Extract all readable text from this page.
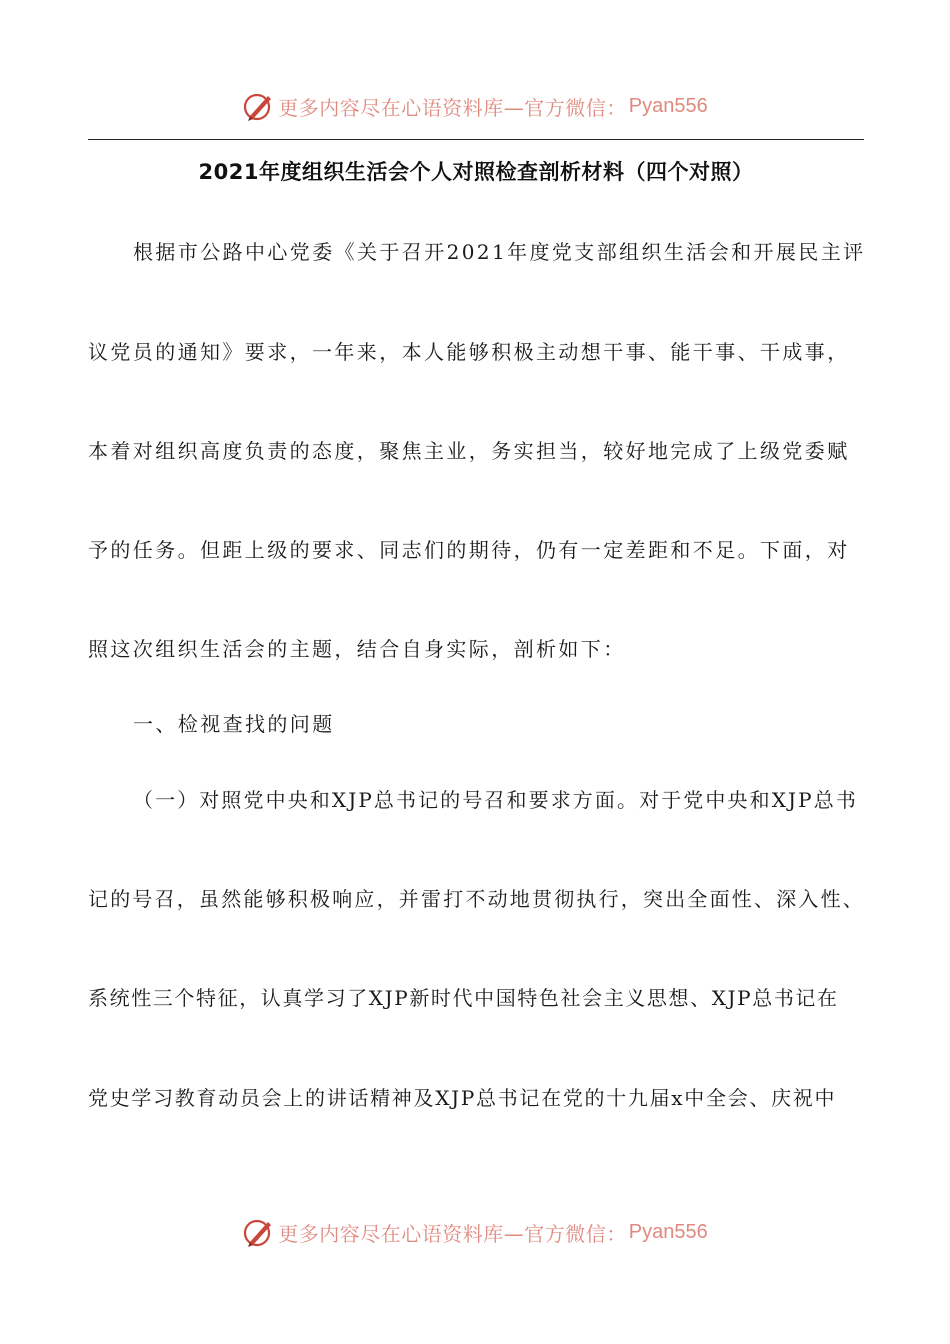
更多内容尽在心语资料库—官方微信： Pyan556
2021年度组织生活会个人对照检查剖析材料（四个对照）
根据市公路中心党委《关于召开2021年度党支部组织生活会和开展民主评
议党员的通知》要求，一年来，本人能够积极主动想干事、能干事、干成事，
本着对组织高度负责的态度，聚焦主业，务实担当，较好地完成了上级党委赋
予的任务。但距上级的要求、同志们的期待，仍有一定差距和不足。下面，对
照这次组织生活会的主题，结合自身实际，剖析如下：
一、检视查找的问题
（一）对照党中央和XJP总书记的号召和要求方面。对于党中央和XJP总书
记的号召，虽然能够积极响应，并雷打不动地贯彻执行，突出全面性、深入性、
系统性三个特征，认真学习了XJP新时代中国特色社会主义思想、XJP总书记在
党史学习教育动员会上的讲话精神及XJP总书记在党的十九届x中全会、庆祝中
更多内容尽在心语资料库—官方微信： Pyan556
